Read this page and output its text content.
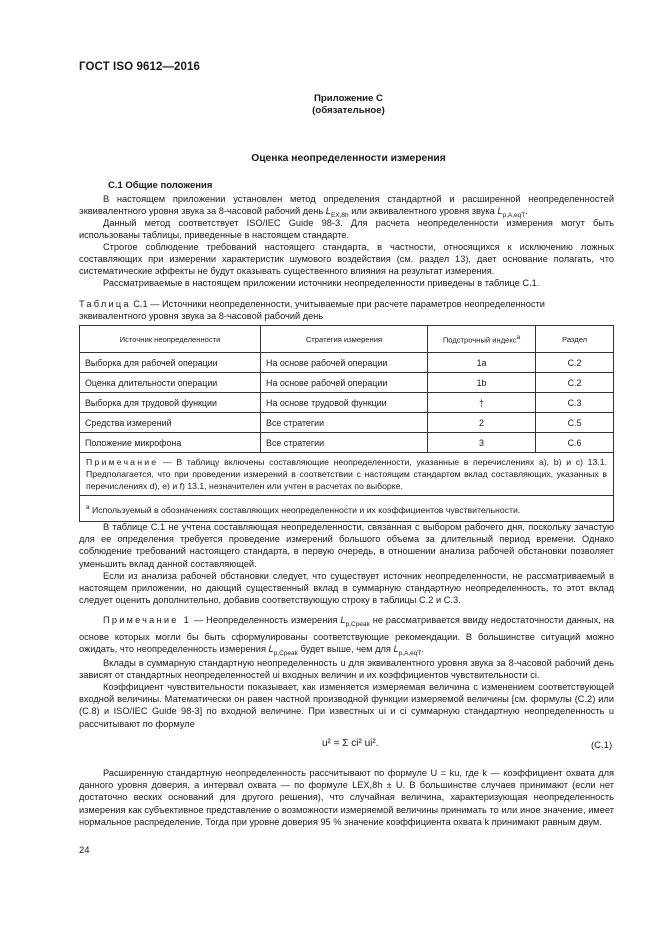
ГОСТ ISO 9612—2016
Приложение С
(обязательное)
Оценка неопределенности измерения
С.1 Общие положения
В настоящем приложении установлен метод определения стандартной и расширенной неопределенностей эквивалентного уровня звука за 8-часовой рабочий день $L_{EX,8h}$ или эквивалентного уровня звука $L_{p,A,eqT}$.
Данный метод соответствует ISO/IEC Guide 98-3. Для расчета неопределенности измерения могут быть использованы таблицы, приведенные в настоящем стандарте.
Строгое соблюдение требований настоящего стандарта, в частности, относящихся к исключению ложных составляющих при измерении характеристик шумового воздействия (см. раздел 13), дает основание полагать, что систематические эффекты не будут оказывать существенного влияния на результат измерения.
Рассматриваемые в настоящем приложении источники неопределенности приведены в таблице С.1.
Таблица С.1 — Источники неопределенности, учитываемые при расчете параметров неопределенности эквивалентного уровня звука за 8-часовой рабочий день
Источник неопределенности	Стратегия измерения	Подстрочный индекс$^а$	Раздел
Выборка для рабочей операции	На основе рабочей операции	1a	С.2
Оценка длительности операции	На основе рабочей операции	1b	С.2
Выборка для трудовой функции	На основе трудовой функции	†	С.3
Средства измерений	Все стратегии	2	С.5
Положение микрофона	Все стратегии	3	С.6
Примечание — В таблицу включены составляющие неопределенности, указанные в перечислениях а), b) и с) 13.1. Предполагается, что при проведении измерений в соответствии с настоящим стандартом вклад составляющих, указанных в перечислениях d), e) и f) 13.1, незначителен или учтен в расчетах по выборке.			
$^а$ Используемый в обозначениях составляющих неопределенности и их коэффициентов чувствительности.			
В таблице С.1 не учтена составляющая неопределенности, связанная с выбором рабочего дня, поскольку зачастую для ее определения требуется проведение измерений большого объема за длительный период времени. Однако соблюдение требований настоящего стандарта, в первую очередь, в отношении анализа рабочей обстановки позволяет уменьшить вклад данной составляющей.
Если из анализа рабочей обстановки следует, что существует источник неопределенности, не рассматриваемый в настоящем приложении, но дающий существенный вклад в суммарную стандартную неопределенность, то этот вклад следует оценить дополнительно, добавив соответствующую строку в таблицы С.2 и С.3.
Примечание 1 — Неопределенность измерения $L_{p,Cpeak}$ не рассматривается ввиду недостаточности данных, на основе которых могли бы быть сформулированы соответствующие рекомендации. В большинстве ситуаций можно ожидать, что неопределенность измерения $L_{p,Cpeak}$ будет выше, чем для $L_{p,A,eqT}$.
Вклады в суммарную стандартную неопределенность u для эквивалентного уровня звука за 8-часовой рабочий день зависят от стандартных неопределенностей ui входных величин и их коэффициентов чувствительности ci.
Коэффициент чувствительности показывает, как изменяется измеряемая величина с изменением соответствующей входной величины. Математически он равен частной производной функции измеряемой величины [см. формулы (С.2) или (С.8) и ISO/IEC Guide 98-3] по входной величине. При известных ui и ci суммарную стандартную неопределенность u рассчитывают по формуле
u² = Σ ci² ui².	(С.1)
Расширенную стандартную неопределенность рассчитывают по формуле U = ku, где k — коэффициент охвата для данного уровня доверия, а интервал охвата — по формуле LEX,8h ± U. В большинстве случаев принимают (если нет достаточно веских оснований для другого решения), что случайная величина, характеризующая неопределенность измерения как субъективное представление о возможности измеряемой величины принимать то или иное значение, имеет нормальное распределение. Тогда при уровне доверия 95 % значение коэффициента охвата k принимают равным двум.
24
